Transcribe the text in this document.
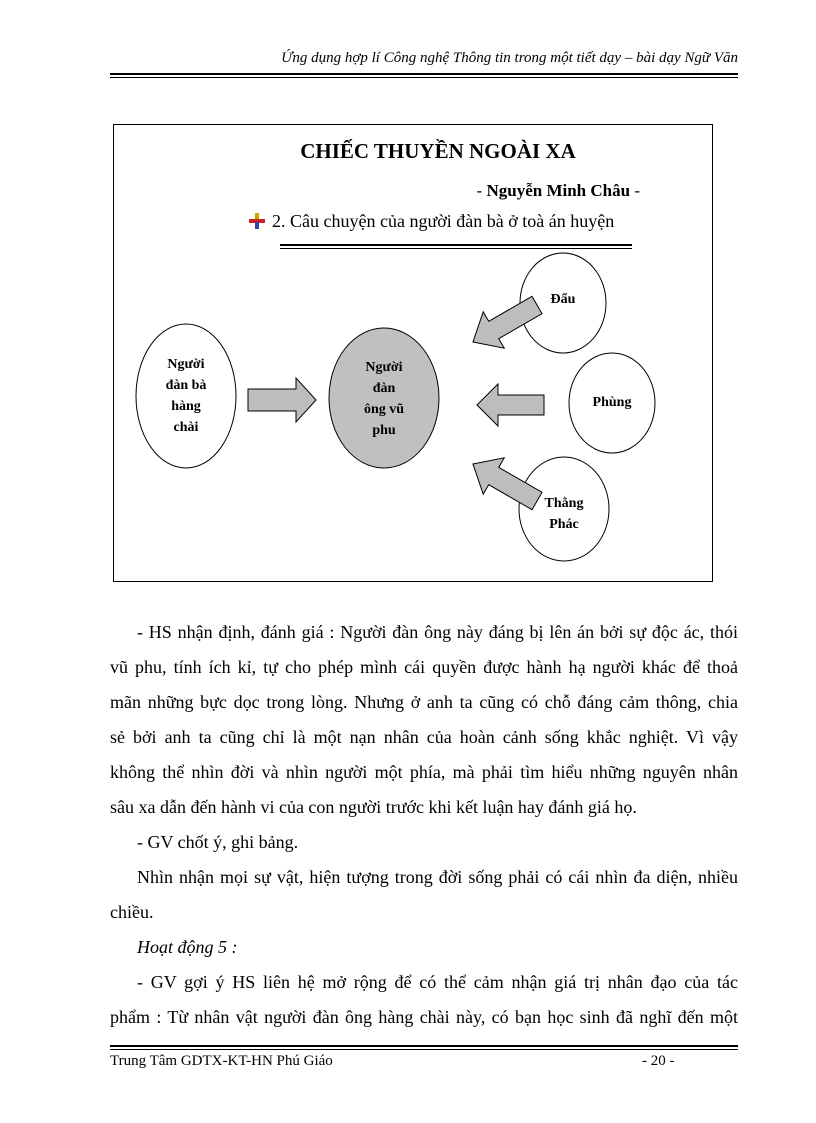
Ứng dụng hợp lí Công nghệ Thông tin trong một tiết dạy – bài dạy Ngữ Văn
CHIẾC THUYỀN NGOÀI XA
- Nguyễn Minh Châu -
2. Câu chuyện của người đàn bà ở toà án huyện
Người
đàn bà
hàng
chài
Người
đàn
ông vũ
phu
Đẩu
Phùng
Thằng
Phác
- HS nhận định, đánh giá : Người đàn ông này đáng bị lên án bởi sự độc ác, thói
vũ phu, tính ích kỉ, tự cho phép mình cái quyền được hành hạ người khác để thoả
mãn những bực dọc trong lòng. Nhưng ở anh ta cũng có chỗ đáng cảm thông, chia
sẻ bởi anh ta cũng chỉ là một nạn nhân của hoàn cảnh sống khắc nghiệt. Vì vậy
không thể nhìn đời và nhìn người một phía, mà phải tìm hiểu những nguyên nhân
sâu xa dẫn đến hành vi của con người trước khi kết luận hay đánh giá họ.
- GV chốt ý, ghi bảng.
Nhìn nhận mọi sự vật, hiện tượng trong đời sống phải có cái nhìn đa diện, nhiều
chiều.
Hoạt động 5 :
- GV gợi ý HS liên hệ mở rộng để có thể cảm nhận giá trị nhân đạo của tác
phẩm : Từ nhân vật người đàn ông hàng chài này, có bạn học sinh đã nghĩ đến một
Trung Tâm GDTX-KT-HN Phú Giáo	- 20 -
